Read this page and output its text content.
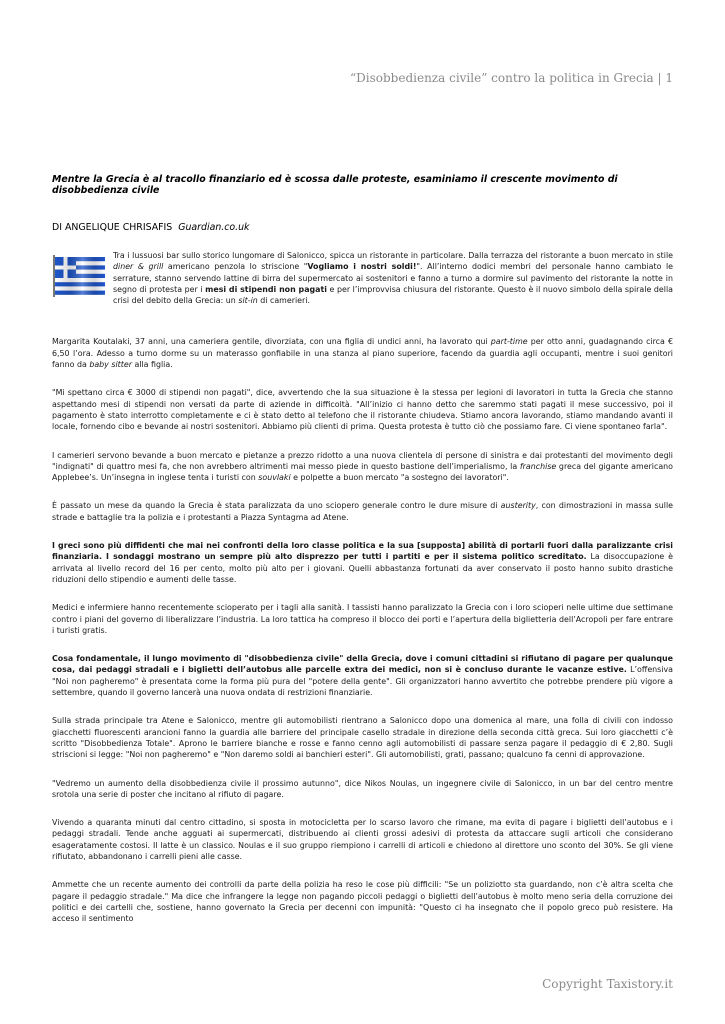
“Disobbedienza civile” contro la politica in Grecia | 1
Mentre la Grecia è al tracollo finanziario ed è scossa dalle proteste, esaminiamo il crescente movimento di disobbedienza civile
DI ANGELIQUE CHRISAFIS Guardian.co.uk
Tra i lussuosi bar sullo storico lungomare di Salonicco, spicca un ristorante in particolare. Dalla terrazza del ristorante a buon mercato in stile diner & grill americano penzola lo striscione "Vogliamo i nostri soldi!". All’interno dodici membri del personale hanno cambiato le serrature, stanno servendo lattine di birra del supermercato ai sostenitori e fanno a turno a dormire sul pavimento del ristorante la notte in segno di protesta per i mesi di stipendi non pagati e per l’improvvisa chiusura del ristorante. Questo è il nuovo simbolo della spirale della crisi del debito della Grecia: un sit-in di camerieri.

Margarita Koutalaki, 37 anni, una cameriera gentile, divorziata, con una figlia di undici anni, ha lavorato qui part-time per otto anni, guadagnando circa € 6,50 l’ora. Adesso a turno dorme su un materasso gonfiabile in una stanza al piano superiore, facendo da guardia agli occupanti, mentre i suoi genitori fanno da baby sitter alla figlia.

"Mi spettano circa € 3000 di stipendi non pagati", dice, avvertendo che la sua situazione è la stessa per legioni di lavoratori in tutta la Grecia che stanno aspettando mesi di stipendi non versati da parte di aziende in difficoltà. "All’inizio ci hanno detto che saremmo stati pagati il mese successivo, poi il pagamento è stato interrotto completamente e ci è stato detto al telefono che il ristorante chiudeva. Stiamo ancora lavorando, stiamo mandando avanti il locale, fornendo cibo e bevande ai nostri sostenitori. Abbiamo più clienti di prima. Questa protesta è tutto ciò che possiamo fare. Ci viene spontaneo farla".

I camerieri servono bevande a buon mercato e pietanze a prezzo ridotto a una nuova clientela di persone di sinistra e dai protestanti del movimento degli "indignati" di quattro mesi fa, che non avrebbero altrimenti mai messo piede in questo bastione dell’imperialismo, la franchise greca del gigante americano Applebee’s. Un’insegna in inglese tenta i turisti con souvlaki e polpette a buon mercato "a sostegno dei lavoratori".

È passato un mese da quando la Grecia è stata paralizzata da uno sciopero generale contro le dure misure di austerity, con dimostrazioni in massa sulle strade e battaglie tra la polizia e i protestanti a Piazza Syntagma ad Atene.

I greci sono più diffidenti che mai nei confronti della loro classe politica e la sua [supposta] abilità di portarli fuori dalla paralizzante crisi finanziaria. I sondaggi mostrano un sempre più alto disprezzo per tutti i partiti e per il sistema politico screditato. La disoccupazione è arrivata al livello record del 16 per cento, molto più alto per i giovani. Quelli abbastanza fortunati da aver conservato il posto hanno subito drastiche riduzioni dello stipendio e aumenti delle tasse.

Medici e infermiere hanno recentemente scioperato per i tagli alla sanità. I tassisti hanno paralizzato la Grecia con i loro scioperi nelle ultime due settimane contro i piani del governo di liberalizzare l’industria. La loro tattica ha compreso il blocco dei porti e l’apertura della biglietteria dell’Acropoli per fare entrare i turisti gratis.

Cosa fondamentale, il lungo movimento di "disobbedienza civile" della Grecia, dove i comuni cittadini si rifiutano di pagare per qualunque cosa, dai pedaggi stradali e i biglietti dell’autobus alle parcelle extra dei medici, non si è concluso durante le vacanze estive. L’offensiva "Noi non pagheremo" è presentata come la forma più pura del "potere della gente". Gli organizzatori hanno avvertito che potrebbe prendere più vigore a settembre, quando il governo lancerà una nuova ondata di restrizioni finanziarie.

Sulla strada principale tra Atene e Salonicco, mentre gli automobilisti rientrano a Salonicco dopo una domenica al mare, una folla di civili con indosso giacchetti fluorescenti arancioni fanno la guardia alle barriere del principale casello stradale in direzione della seconda città greca. Sui loro giacchetti c’è scritto "Disobbedienza Totale". Aprono le barriere bianche e rosse e fanno cenno agli automobilisti di passare senza pagare il pedaggio di € 2,80. Sugli striscioni si legge: "Noi non pagheremo" e "Non daremo soldi ai banchieri esteri". Gli automobilisti, grati, passano; qualcuno fa cenni di approvazione.

"Vedremo un aumento della disobbedienza civile il prossimo autunno", dice Nikos Noulas, un ingegnere civile di Salonicco, in un bar del centro mentre srotola una serie di poster che incitano al rifiuto di pagare.

Vivendo a quaranta minuti dal centro cittadino, si sposta in motocicletta per lo scarso lavoro che rimane, ma evita di pagare i biglietti dell’autobus e i pedaggi stradali. Tende anche agguati ai supermercati, distribuendo ai clienti grossi adesivi di protesta da attaccare sugli articoli che considerano esageratamente costosi. Il latte è un classico. Noulas e il suo gruppo riempiono i carrelli di articoli e chiedono al direttore uno sconto del 30%. Se gli viene rifiutato, abbandonano i carrelli pieni alle casse.

Ammette che un recente aumento dei controlli da parte della polizia ha reso le cose più difficili: "Se un poliziotto sta guardando, non c’è altra scelta che pagare il pedaggio stradale." Ma dice che infrangere la legge non pagando piccoli pedaggi o biglietti dell’autobus è molto meno seria della corruzione dei politici e dei cartelli che, sostiene, hanno governato la Grecia per decenni con impunità: "Questo ci ha insegnato che il popolo greco può resistere. Ha acceso il sentimento

Copyright Taxistory.it
